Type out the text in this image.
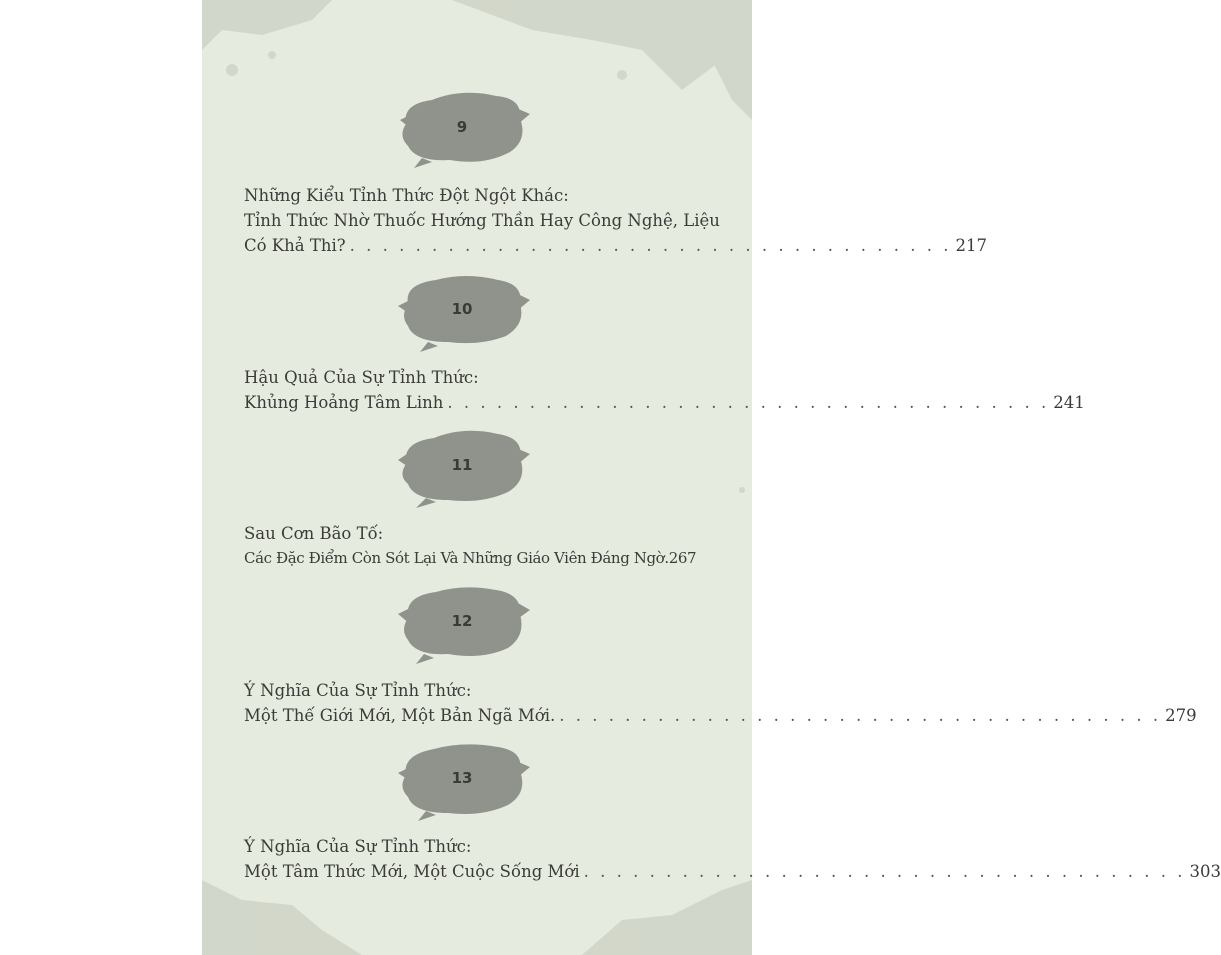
9
Những Kiểu Tỉnh Thức Đột Ngột Khác:
Tỉnh Thức Nhờ Thuốc Hướng Thần Hay Công Nghệ, Liệu
Có Khả Thi? . . . . . . . . . . . . . . . . . . . . . . . . . . . . . . . . . . . . . 217
10
Hậu Quả Của Sự Tỉnh Thức:
Khủng Hoảng Tâm Linh . . . . . . . . . . . . . . . . . . . . . . . . . . . . . . . . . . . . . 241
11
Sau Cơn Bão Tố:
Các Đặc Điểm Còn Sót Lại Và Những Giáo Viên Đáng Ngờ. 267
12
Ý Nghĩa Của Sự Tỉnh Thức:
Một Thế Giới Mới, Một Bản Ngã Mới. . . . . . . . . . . . . . . . . . . . . . . . . . . . . . . . . . . . . . 279
13
Ý Nghĩa Của Sự Tỉnh Thức:
Một Tâm Thức Mới, Một Cuộc Sống Mới . . . . . . . . . . . . . . . . . . . . . . . . . . . . . . . . . . . . . 303
